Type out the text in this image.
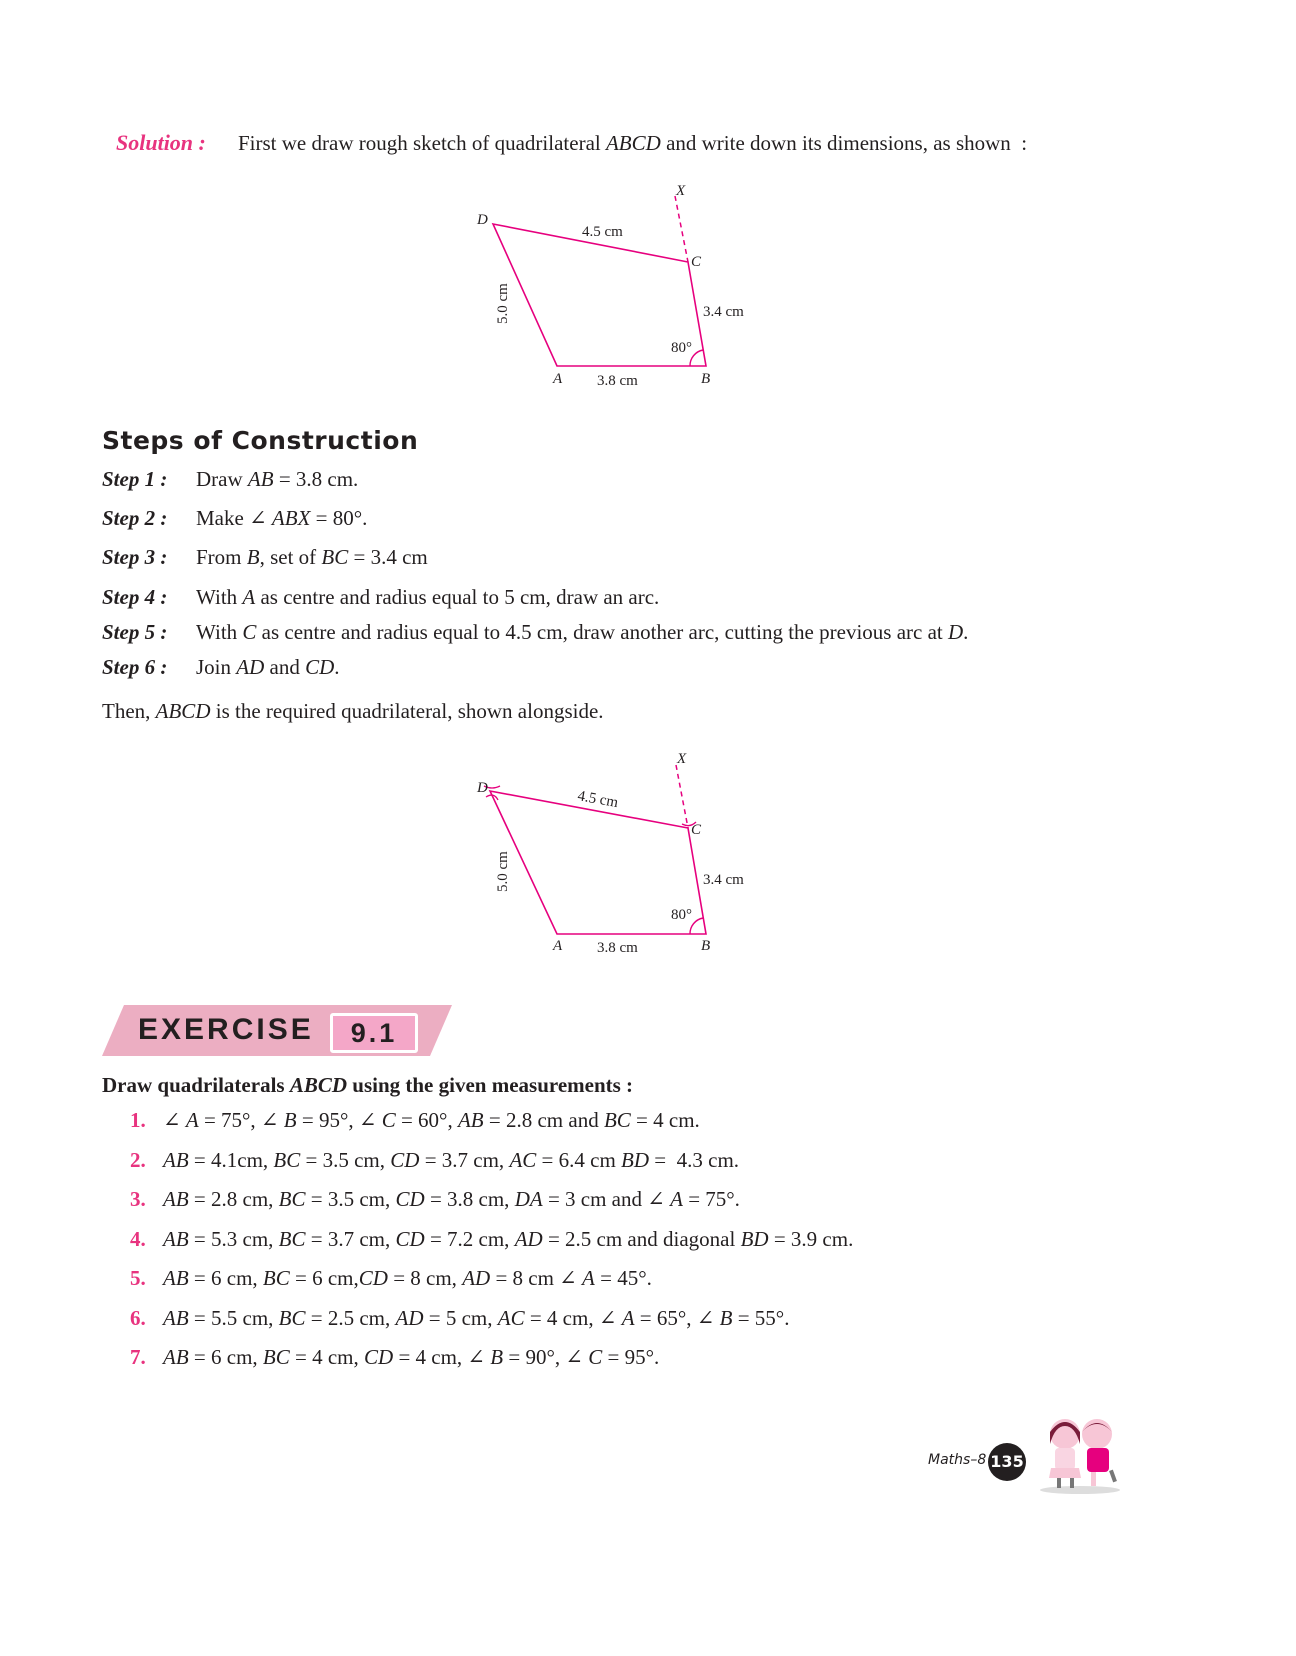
Solution : First we draw rough sketch of quadrilateral ABCD and write down its dimensions, as shown  :
D
C
B
A
X
4.5 cm
3.4 cm
3.8 cm
80°
5.0 cm
Steps of Construction
Step 1 : Draw AB = 3.8 cm.
Step 2 : Make ∠ ABX = 80°.
Step 3 : From B, set of BC = 3.4 cm
Step 4 : With A as centre and radius equal to 5 cm, draw an arc.
Step 5 : With C as centre and radius equal to 4.5 cm, draw another arc, cutting the previous arc at D.
Step 6 : Join AD and CD.
Then, ABCD is the required quadrilateral, shown alongside.
D
C
B
A
X
4.5 cm
3.4 cm
3.8 cm
80°
5.0 cm
EXERCISE	9.1
Draw quadrilaterals ABCD using the given measurements :
1. ∠ A = 75°, ∠ B = 95°, ∠ C = 60°, AB = 2.8 cm and BC = 4 cm.
2. AB = 4.1cm, BC = 3.5 cm, CD = 3.7 cm, AC = 6.4 cm BD =  4.3 cm.
3. AB = 2.8 cm, BC = 3.5 cm, CD = 3.8 cm, DA = 3 cm and ∠ A = 75°.
4. AB = 5.3 cm, BC = 3.7 cm, CD = 7.2 cm, AD = 2.5 cm and diagonal BD = 3.9 cm.
5. AB = 6 cm, BC = 6 cm,CD = 8 cm, AD = 8 cm ∠ A = 45°.
6. AB = 5.5 cm, BC = 2.5 cm, AD = 5 cm, AC = 4 cm, ∠ A = 65°, ∠ B = 55°.
7. AB = 6 cm, BC = 4 cm, CD = 4 cm, ∠ B = 90°, ∠ C = 95°.
Maths–8 135
